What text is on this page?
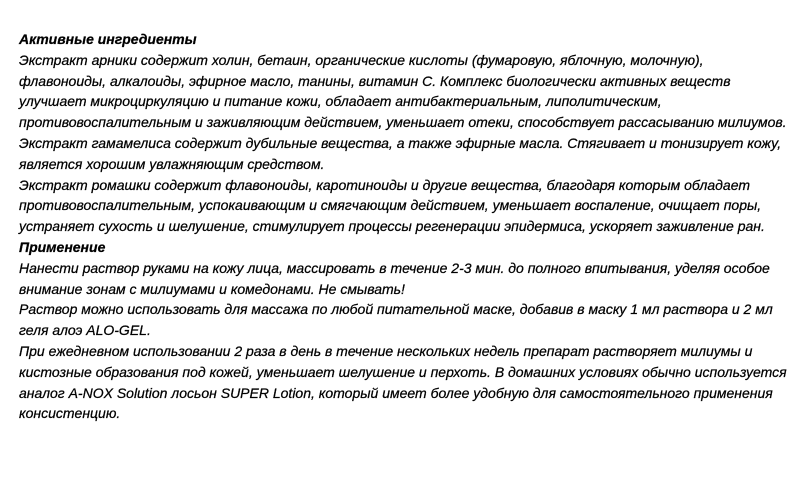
Активные ингредиенты

Экстракт арники содержит холин, бетаин, органические кислоты (фумаровую, яблочную, молочную), флавоноиды, алкалоиды, эфирное масло, танины, витамин С. Комплекс биологически активных веществ улучшает микроциркуляцию и питание кожи, обладает антибактериальным, липолитическим, противовоспалительным и заживляющим действием, уменьшает отеки, способствует рассасыванию милиумов.

Экстракт гамамелиса содержит дубильные вещества, а также эфирные масла. Стягивает и тонизирует кожу, является хорошим увлажняющим средством.

Экстракт ромашки содержит флавоноиды, каротиноиды и другие вещества, благодаря которым обладает противовоспалительным, успокаивающим и смягчающим действием, уменьшает воспаление, очищает поры, устраняет сухость и шелушение, стимулирует процессы регенерации эпидермиса, ускоряет заживление ран.

Применение

Нанести раствор руками на кожу лица, массировать в течение 2-3 мин. до полного впитывания, уделяя особое внимание зонам с милиумами и комедонами. Не смывать!

Раствор можно использовать для массажа по любой питательной маске, добавив в маску 1 мл раствора и 2 мл геля алоэ ALO-GEL.

При ежедневном использовании 2 раза в день в течение нескольких недель препарат растворяет милиумы и кистозные образования под кожей, уменьшает шелушение и перхоть. В домашних условиях обычно используется аналог A-NOX Solution лосьон SUPER Lotion, который имеет более удобную для самостоятельного применения консистенцию.
